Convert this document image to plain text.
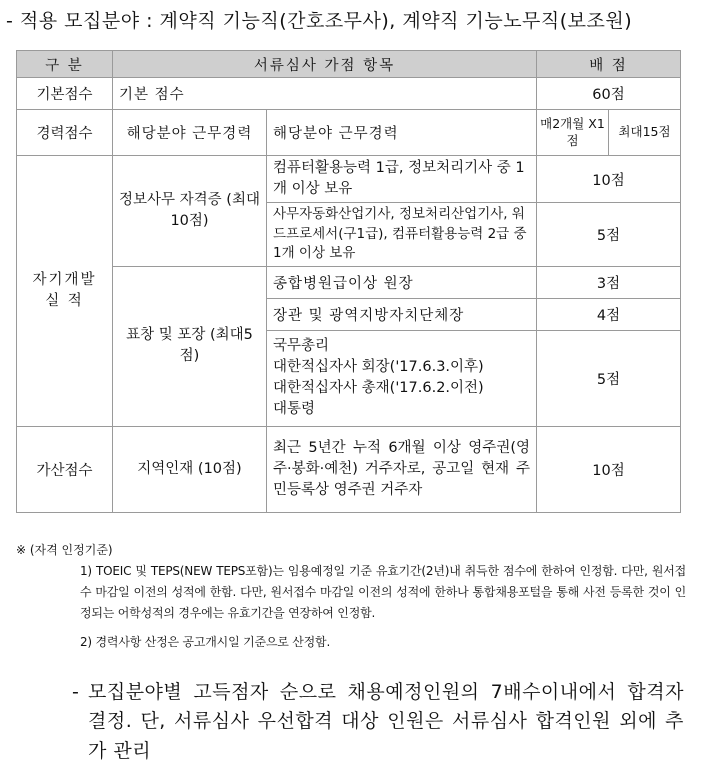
- 적용 모집분야 : 계약직 기능직(간호조무사), 계약직 기능노무직(보조원)
구 분	서류심사 가점 항목		배 점	
기본점수	기본 점수		60점	
경력점수	해당분야 근무경력	해당분야 근무경력	매2개월 X1점	최대15점
자기개발 실 적	정보사무 자격증 (최대10점)	컴퓨터활용능력 1급, 정보처리기사 중 1개 이상 보유	10점	
		사무자동화산업기사, 정보처리산업기사, 워드프로세서(구1급), 컴퓨터활용능력 2급 중 1개 이상 보유	5점	
	표창 및 포장 (최대5점)	종합병원급이상 원장	3점	
		장관 및 광역지방자치단체장	4점	
		국무총리
대한적십자사 회장('17.6.3.이후)
대한적십자사 총재('17.6.2.이전)
대통령	5점	
가산점수	지역인재 (10점)	최근 5년간 누적 6개월 이상 영주권(영주·봉화·예천) 거주자로, 공고일 현재 주민등록상 영주권 거주자	10점	
※ (자격 인정기준)
1) TOEIC 및 TEPS(NEW TEPS포함)는 임용예정일 기준 유효기간(2년)내 취득한 점수에 한하여 인정함. 다만, 원서접수 마감일 이전의 성적에 한함. 다만, 원서접수 마감일 이전의 성적에 한하나 통합채용포털을 통해 사전 등록한 것이 인정되는 어학성적의 경우에는 유효기간을 연장하여 인정함.
2) 경력사항 산정은 공고개시일 기준으로 산정함.
- 모집분야별 고득점자 순으로 채용예정인원의 7배수이내에서 합격자 결정. 단, 서류심사 우선합격 대상 인원은 서류심사 합격인원 외에 추가 관리
